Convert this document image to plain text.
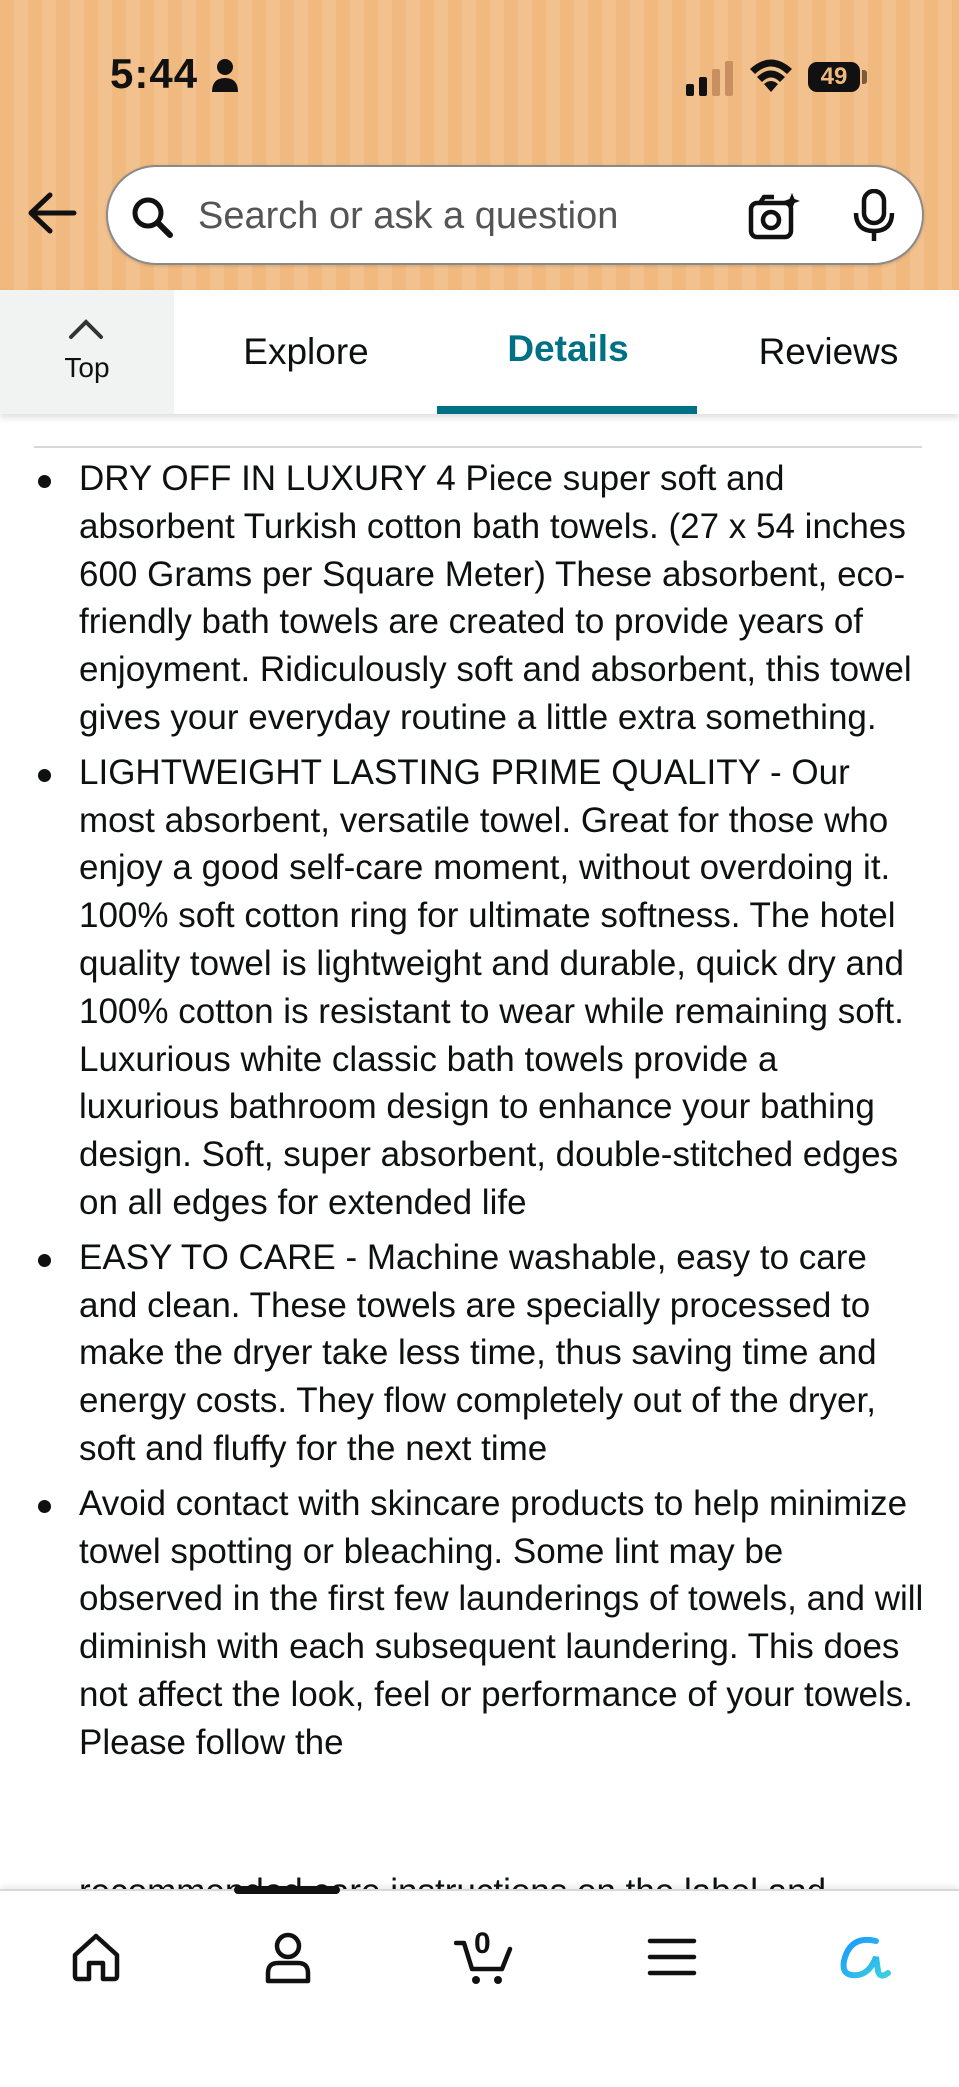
5:44	49
Search or ask a question
Top	Explore	Details	Reviews
DRY OFF IN LUXURY 4 Piece super soft and absorbent Turkish cotton bath towels. (27 x 54 inches 600 Grams per Square Meter) These absorbent, eco-friendly bath towels are created to provide years of enjoyment. Ridiculously soft and absorbent, this towel gives your everyday routine a little extra something.
LIGHTWEIGHT LASTING PRIME QUALITY - Our most absorbent, versatile towel. Great for those who enjoy a good self-care moment, without overdoing it. 100% soft cotton ring for ultimate softness. The hotel quality towel is lightweight and durable, quick dry and 100% cotton is resistant to wear while remaining soft. Luxurious white classic bath towels provide a luxurious bathroom design to enhance your bathing design. Soft, super absorbent, double-stitched edges on all edges for extended life
EASY TO CARE - Machine washable, easy to care and clean. These towels are specially processed to make the dryer take less time, thus saving time and energy costs. They flow completely out of the dryer, soft and fluffy for the next time
Avoid contact with skincare products to help minimize towel spotting or bleaching. Some lint may be observed in the first few launderings of towels, and will diminish with each subsequent laundering. This does not affect the look, feel or performance of your towels. Please follow the
0
